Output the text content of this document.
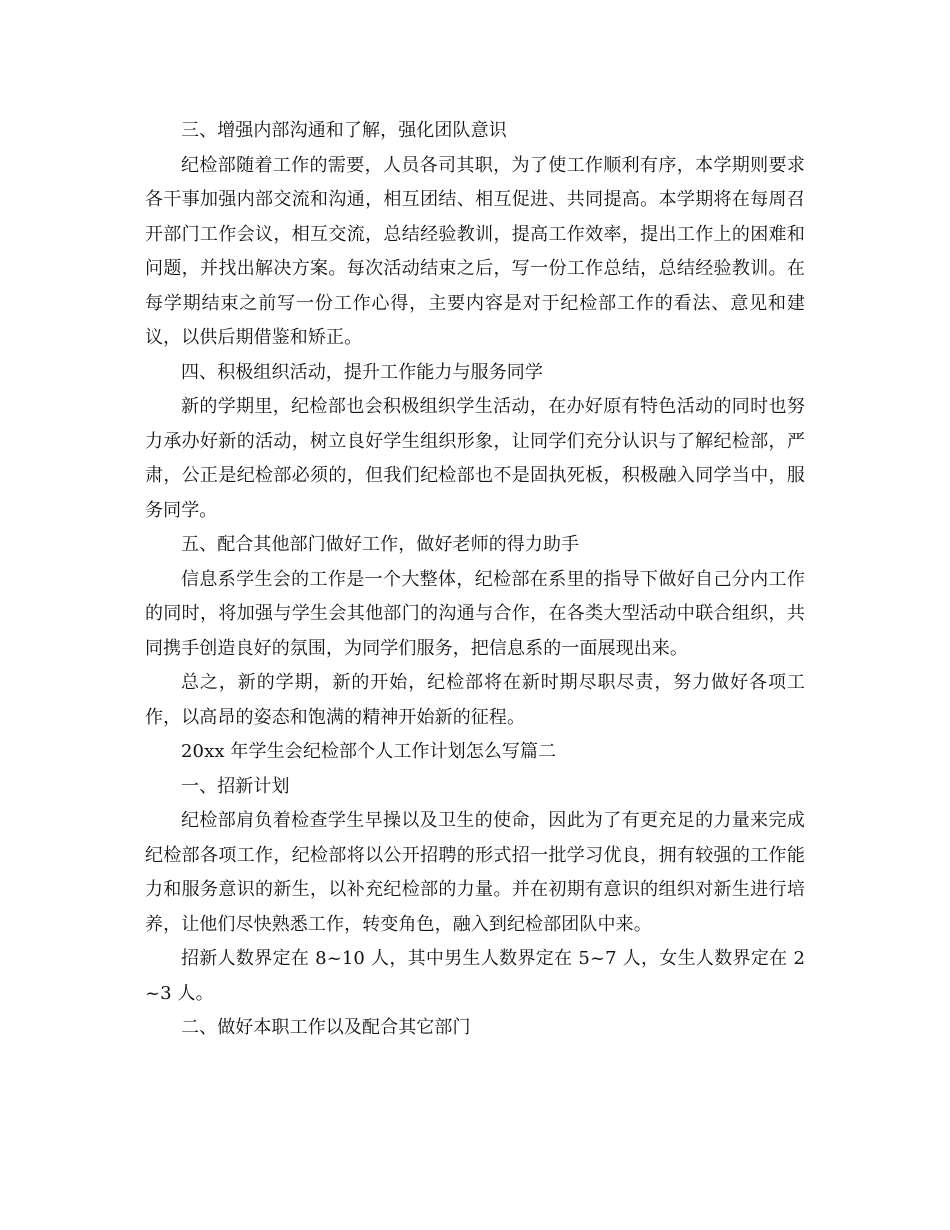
三、增强内部沟通和了解，强化团队意识

纪检部随着工作的需要，人员各司其职，为了使工作顺利有序，本学期则要求各干事加强内部交流和沟通，相互团结、相互促进、共同提高。本学期将在每周召开部门工作会议，相互交流，总结经验教训，提高工作效率，提出工作上的困难和问题，并找出解决方案。每次活动结束之后，写一份工作总结，总结经验教训。在每学期结束之前写一份工作心得，主要内容是对于纪检部工作的看法、意见和建议，以供后期借鉴和矫正。

四、积极组织活动，提升工作能力与服务同学

新的学期里，纪检部也会积极组织学生活动，在办好原有特色活动的同时也努力承办好新的活动，树立良好学生组织形象，让同学们充分认识与了解纪检部，严肃，公正是纪检部必须的，但我们纪检部也不是固执死板，积极融入同学当中，服务同学。

五、配合其他部门做好工作，做好老师的得力助手

信息系学生会的工作是一个大整体，纪检部在系里的指导下做好自己分内工作的同时，将加强与学生会其他部门的沟通与合作，在各类大型活动中联合组织，共同携手创造良好的氛围，为同学们服务，把信息系的一面展现出来。

总之，新的学期，新的开始，纪检部将在新时期尽职尽责，努力做好各项工作，以高昂的姿态和饱满的精神开始新的征程。

20xx 年学生会纪检部个人工作计划怎么写篇二

一、招新计划

纪检部肩负着检查学生早操以及卫生的使命，因此为了有更充足的力量来完成纪检部各项工作，纪检部将以公开招聘的形式招一批学习优良，拥有较强的工作能力和服务意识的新生，以补充纪检部的力量。并在初期有意识的组织对新生进行培养，让他们尽快熟悉工作，转变角色，融入到纪检部团队中来。

招新人数界定在 8~10 人，其中男生人数界定在 5~7 人，女生人数界定在 2~3 人。

二、做好本职工作以及配合其它部门
